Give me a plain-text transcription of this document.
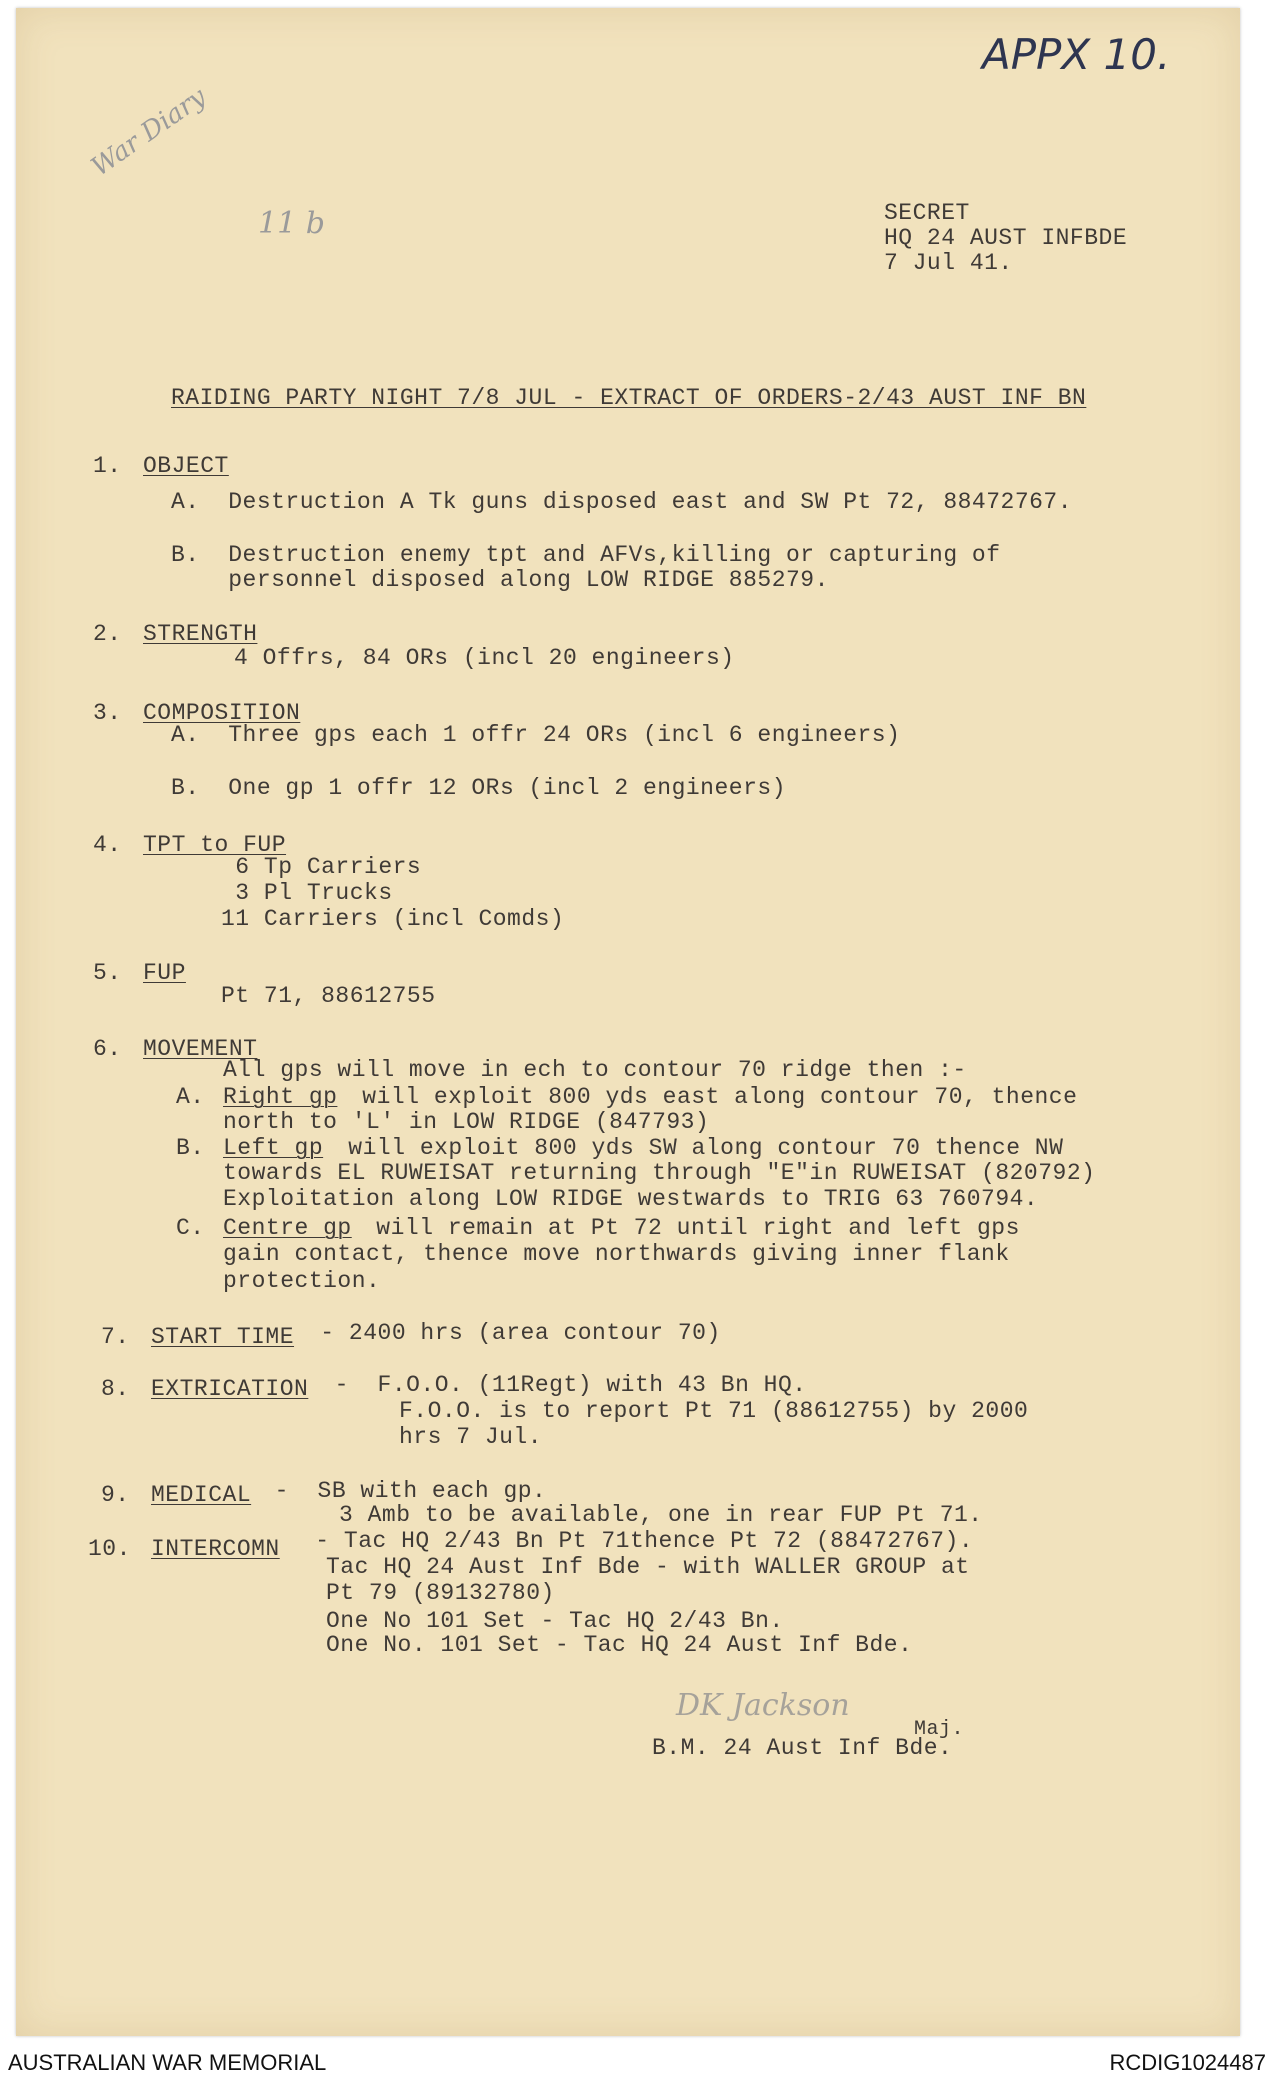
APPX 10.
War Diary
11 b	SECRET
HQ 24 AUST INFBDE
7 Jul 41.
RAIDING PARTY NIGHT 7/8 JUL - EXTRACT OF ORDERS-2/43 AUST INF BN
1. OBJECT
A.  Destruction A Tk guns disposed east and SW Pt 72, 88472767.
B.  Destruction enemy tpt and AFVs,killing or capturing of
personnel disposed along LOW RIDGE 885279.
2. STRENGTH
4 Offrs, 84 ORs (incl 20 engineers)
3. COMPOSITION
A.  Three gps each 1 offr 24 ORs (incl 6 engineers)
B.  One gp 1 offr 12 ORs (incl 2 engineers)
4. TPT to FUP
6 Tp Carriers
3 Pl Trucks
11 Carriers (incl Comds)
5. FUP
Pt 71, 88612755
6. MOVEMENT
All gps will move in ech to contour 70 ridge then :-
A. Right gp will exploit 800 yds east along contour 70, thence
north to 'L' in LOW RIDGE (847793)
B. Left gp will exploit 800 yds SW along contour 70 thence NW
towards EL RUWEISAT returning through "E"in RUWEISAT (820792)
Exploitation along LOW RIDGE westwards to TRIG 63 760794.
C. Centre gp will remain at Pt 72 until right and left gps
gain contact, thence move northwards giving inner flank
protection.
7. START TIME - 2400 hrs (area contour 70)
8. EXTRICATION
-  F.O.O. (11Regt) with 43 Bn HQ.
F.O.O. is to report Pt 71 (88612755) by 2000
hrs 7 Jul.
9. MEDICAL
-  SB with each gp.
3 Amb to be available, one in rear FUP Pt 71.
10. INTERCOMN - Tac HQ 2/43 Bn Pt 71thence Pt 72 (88472767).
Tac HQ 24 Aust Inf Bde - with WALLER GROUP at
Pt 79 (89132780)
One No 101 Set - Tac HQ 2/43 Bn.
One No. 101 Set - Tac HQ 24 Aust Inf Bde.
DK Jackson
Maj.
B.M. 24 Aust Inf Bde.
AUSTRALIAN WAR MEMORIAL	RCDIG1024487
